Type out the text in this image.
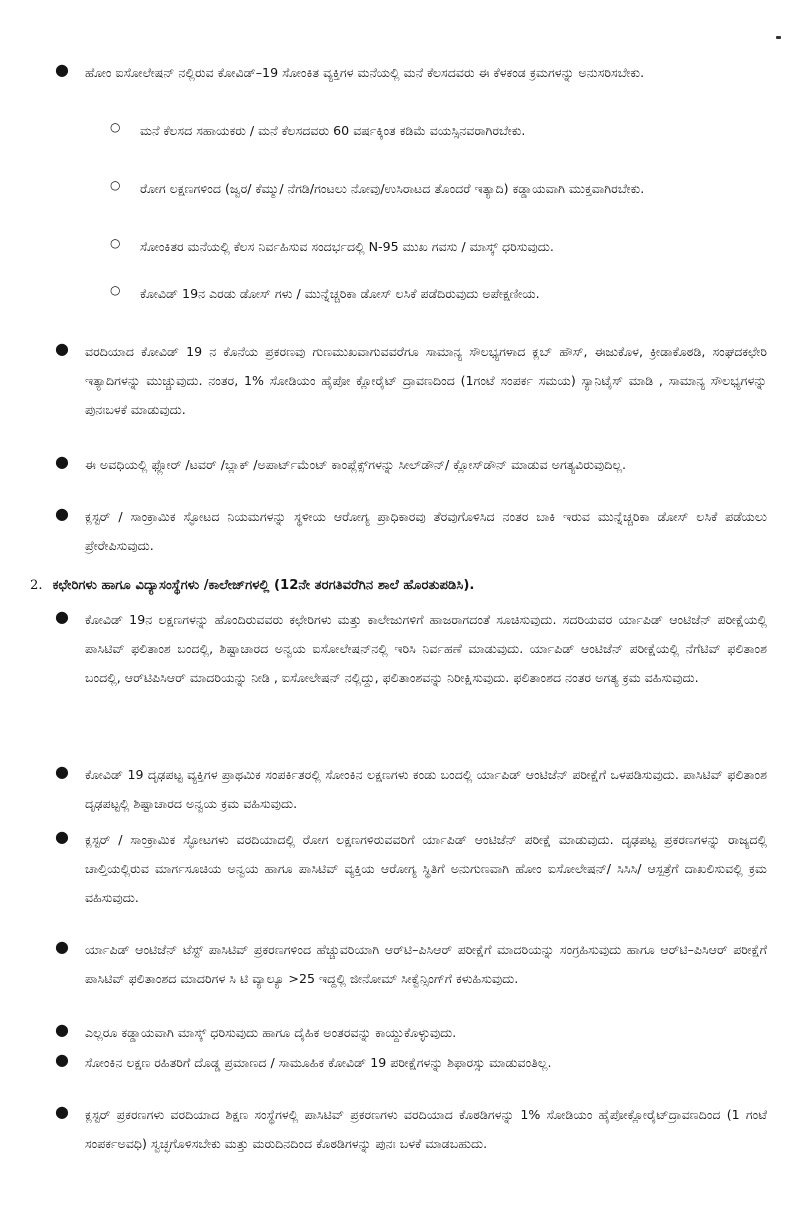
● ಹೋಂ ಐಸೋಲೇಷನ್ ನಲ್ಲಿರುವ ಕೋವಿಡ್–19 ಸೋಂಕಿತ ವ್ಯಕ್ತಿಗಳ ಮನೆಯಲ್ಲಿ ಮನೆ ಕೆಲಸದವರು ಈ ಕೆಳಕಂಡ ಕ್ರಮಗಳನ್ನು ಅನುಸರಿಸಬೇಕು.
○ ಮನೆ ಕೆಲಸದ ಸಹಾಯಕರು / ಮನೆ ಕೆಲಸದವರು 60 ವರ್ಷಕ್ಕಿಂತ ಕಡಿಮೆ ವಯಸ್ಸಿನವರಾಗಿರಬೇಕು.
○ ರೋಗ ಲಕ್ಷಣಗಳಿಂದ (ಜ್ವರ/ ಕೆಮ್ಮು/ ನೆಗಡಿ/ಗಂಟಲು ನೋವು/ಉಸಿರಾಟದ ತೊಂದರೆ ಇತ್ಯಾದಿ) ಕಡ್ಡಾಯವಾಗಿ ಮುಕ್ತವಾಗಿರಬೇಕು.
○ ಸೋಂಕಿತರ ಮನೆಯಲ್ಲಿ ಕೆಲಸ ನಿರ್ವಹಿಸುವ ಸಂದರ್ಭದಲ್ಲಿ N-95 ಮುಖ ಗವಸು / ಮಾಸ್ಕ್ ಧರಿಸುವುದು.
○ ಕೋವಿಡ್ 19ನ ಎರಡು ಡೋಸ್ ಗಳು / ಮುನ್ನೆಚ್ಚರಿಕಾ ಡೋಸ್ ಲಸಿಕೆ ಪಡೆದಿರುವುದು ಅಪೇಕ್ಷಣೀಯ.
● ವರದಿಯಾದ ಕೋವಿಡ್ 19 ನ ಕೊನೆಯ ಪ್ರಕರಣವು ಗುಣಮುಖವಾಗುವವರೆಗೂ ಸಾಮಾನ್ಯ ಸೌಲಭ್ಯಗಳಾದ ಕ್ಲಬ್ ಹೌಸ್, ಈಜುಕೊಳ, ಕ್ರೀಡಾಕೊಠಡಿ, ಸಂಘದಕಛೇರಿ ಇತ್ಯಾದಿಗಳನ್ನು ಮುಚ್ಚುವುದು. ನಂತರ, 1% ಸೋಡಿಯಂ ಹೈಪೋ ಕ್ಲೋರೈಟ್ ದ್ರಾವಣದಿಂದ (1ಗಂಟೆ ಸಂಪರ್ಕ ಸಮಯ) ಸ್ಯಾನಿಟೈಸ್ ಮಾಡಿ , ಸಾಮಾನ್ಯ ಸೌಲಭ್ಯಗಳನ್ನು ಪುನಃಬಳಕೆ ಮಾಡುವುದು.
● ಈ ಅವಧಿಯಲ್ಲಿ ಫ್ಲೋರ್ /ಟವರ್ /ಬ್ಲಾಕ್ /ಅಪಾರ್ಟ್‌ಮೆಂಟ್ ಕಾಂಪ್ಲೆಕ್ಸ್‌ಗಳನ್ನು ಸೀಲ್‌ಡೌನ್/ ಕ್ಲೋಸ್‌ಡೌನ್ ಮಾಡುವ ಅಗತ್ಯವಿರುವುದಿಲ್ಲ.
● ಕ್ಲಸ್ಟರ್ / ಸಾಂಕ್ರಾಮಿಕ ಸ್ಫೋಟದ ನಿಯಮಗಳನ್ನು ಸ್ಥಳೀಯ ಆರೋಗ್ಯ ಪ್ರಾಧಿಕಾರವು ತೆರವುಗೊಳಿಸಿದ ನಂತರ ಬಾಕಿ ಇರುವ ಮುನ್ನೆಚ್ಚರಿಕಾ ಡೋಸ್ ಲಸಿಕೆ ಪಡೆಯಲು ಪ್ರೇರೇಪಿಸುವುದು.
2. ಕಛೇರಿಗಳು ಹಾಗೂ ವಿದ್ಯಾಸಂಸ್ಥೆಗಳು /ಕಾಲೇಜ್‌ಗಳಲ್ಲಿ (12ನೇ ತರಗತಿವರೆಗಿನ ಶಾಲೆ ಹೊರತುಪಡಿಸಿ).
● ಕೋವಿಡ್ 19ನ ಲಕ್ಷಣಗಳನ್ನು ಹೊಂದಿರುವವರು ಕಛೇರಿಗಳು ಮತ್ತು ಕಾಲೇಜುಗಳಿಗೆ ಹಾಜರಾಗದಂತೆ ಸೂಚಿಸುವುದು. ಸದರಿಯವರ ರ್ಯಾಪಿಡ್ ಆಂಟಿಜೆನ್ ಪರೀಕ್ಷೆಯಲ್ಲಿ ಪಾಸಿಟಿವ್ ಫಲಿತಾಂಶ ಬಂದಲ್ಲಿ, ಶಿಷ್ಟಾಚಾರದ ಅನ್ವಯ ಐಸೋಲೇಷನ್‌ನಲ್ಲಿ ಇರಿಸಿ ನಿರ್ವಹಣೆ ಮಾಡುವುದು. ರ್ಯಾಪಿಡ್ ಆಂಟಿಜೆನ್ ಪರೀಕ್ಷೆಯಲ್ಲಿ ನೆಗೆಟಿವ್ ಫಲಿತಾಂಶ ಬಂದಲ್ಲಿ, ಆರ್‌ಟಿಪಿಸಿಆರ್ ಮಾದರಿಯನ್ನು ನೀಡಿ , ಐಸೋಲೇಷನ್ ನಲ್ಲಿದ್ದು, ಫಲಿತಾಂಶವನ್ನು ನಿರೀಕ್ಷಿಸುವುದು. ಫಲಿತಾಂಶದ ನಂತರ ಅಗತ್ಯ ಕ್ರಮ ವಹಿಸುವುದು.
● ಕೋವಿಡ್ 19 ದೃಢಪಟ್ಟ ವ್ಯಕ್ತಿಗಳ ಪ್ರಾಥಮಿಕ ಸಂಪರ್ಕಿತರಲ್ಲಿ ಸೋಂಕಿನ ಲಕ್ಷಣಗಳು ಕಂಡು ಬಂದಲ್ಲಿ ರ್ಯಾಪಿಡ್ ಆಂಟಿಜೆನ್ ಪರೀಕ್ಷೆಗೆ ಒಳಪಡಿಸುವುದು. ಪಾಸಿಟಿವ್ ಫಲಿತಾಂಶ ದೃಢಪಟ್ಟಲ್ಲಿ ಶಿಷ್ಟಾಚಾರದ ಅನ್ವಯ ಕ್ರಮ ವಹಿಸುವುದು.
● ಕ್ಲಸ್ಟರ್ / ಸಾಂಕ್ರಾಮಿಕ ಸ್ಫೋಟಗಳು ವರದಿಯಾದಲ್ಲಿ ರೋಗ ಲಕ್ಷಣಗಳಿರುವವರಿಗೆ ರ್ಯಾಪಿಡ್ ಆಂಟಿಜೆನ್ ಪರೀಕ್ಷೆ ಮಾಡುವುದು. ದೃಢಪಟ್ಟ ಪ್ರಕರಣಗಳನ್ನು ರಾಜ್ಯದಲ್ಲಿ ಚಾಲ್ತಿಯಲ್ಲಿರುವ ಮಾರ್ಗಸೂಚಿಯ ಅನ್ವಯ ಹಾಗೂ ಪಾಸಿಟಿವ್ ವ್ಯಕ್ತಿಯ ಆರೋಗ್ಯ ಸ್ಥಿತಿಗೆ ಅನುಗುಣವಾಗಿ ಹೋಂ ಐಸೋಲೇಷನ್/ ಸಿಸಿಸಿ/ ಆಸ್ಪತ್ರೆಗೆ ದಾಖಲಿಸುವಲ್ಲಿ ಕ್ರಮ ವಹಿಸುವುದು.
● ರ್ಯಾಪಿಡ್ ಆಂಟಿಜೆನ್ ಟೆಸ್ಟ್ ಪಾಸಿಟಿವ್ ಪ್ರಕರಣಗಳಿಂದ ಹೆಚ್ಚುವರಿಯಾಗಿ ಆರ್‌ಟಿ–ಪಿಸಿಆರ್ ಪರೀಕ್ಷೆಗೆ ಮಾದರಿಯನ್ನು ಸಂಗ್ರಹಿಸುವುದು ಹಾಗೂ ಆರ್‌ಟಿ–ಪಿಸಿಆರ್ ಪರೀಕ್ಷೆಗೆ ಪಾಸಿಟಿವ್ ಫಲಿತಾಂಶದ ಮಾದರಿಗಳ ಸಿ ಟಿ ವ್ಯಾಲ್ಯೂ >25 ಇದ್ದಲ್ಲಿ ಜೀನೋಮ್ ಸೀಕ್ವೆನ್ಸಿಂಗ್‌ಗೆ ಕಳುಹಿಸುವುದು.
● ಎಲ್ಲರೂ ಕಡ್ಡಾಯವಾಗಿ ಮಾಸ್ಕ್ ಧರಿಸುವುದು ಹಾಗೂ ದೈಹಿಕ ಅಂತರವನ್ನು ಕಾಯ್ದುಕೊಳ್ಳುವುದು.
● ಸೋಂಕಿನ ಲಕ್ಷಣ ರಹಿತರಿಗೆ ದೊಡ್ಡ ಪ್ರಮಾಣದ / ಸಾಮೂಹಿಕ ಕೋವಿಡ್ 19 ಪರೀಕ್ಷೆಗಳನ್ನು ಶಿಫಾರಸ್ಸು ಮಾಡುವಂತಿಲ್ಲ.
● ಕ್ಲಸ್ಟರ್ ಪ್ರಕರಣಗಳು ವರದಿಯಾದ ಶಿಕ್ಷಣ ಸಂಸ್ಥೆಗಳಲ್ಲಿ ಪಾಸಿಟಿವ್ ಪ್ರಕರಣಗಳು ವರದಿಯಾದ ಕೊಠಡಿಗಳನ್ನು 1% ಸೋಡಿಯಂ ಹೈಪೋಕ್ಲೋರೈಟ್‌ದ್ರಾವಣದಿಂದ (1 ಗಂಟೆ ಸಂಪರ್ಕಅವಧಿ) ಸ್ವಚ್ಛಗೊಳಿಸಬೇಕು ಮತ್ತು ಮರುದಿನದಿಂದ ಕೊಠಡಿಗಳನ್ನು ಪುನಃ ಬಳಕೆ ಮಾಡಬಹುದು.
